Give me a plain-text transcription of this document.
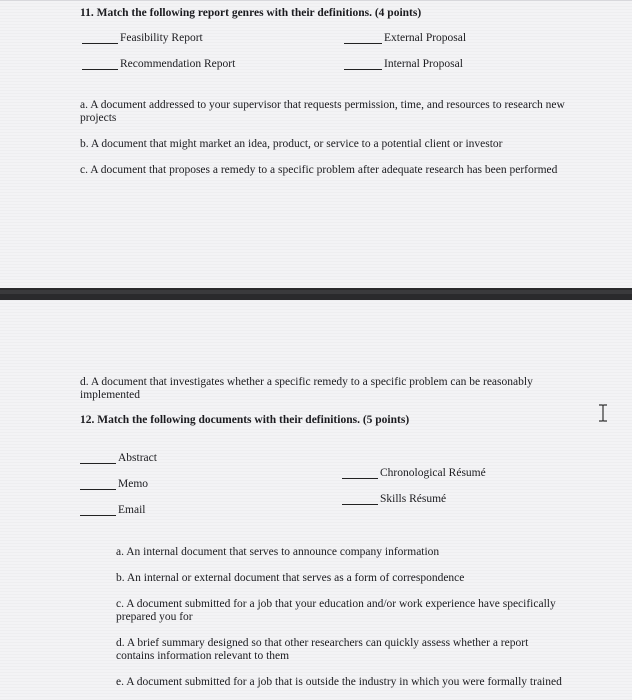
11. Match the following report genres with their definitions. (4 points)
Feasibility Report
Recommendation Report
External Proposal
Internal Proposal
a. A document addressed to your supervisor that requests permission, time, and resources to research new projects
b. A document that might market an idea, product, or service to a potential client or investor
c. A document that proposes a remedy to a specific problem after adequate research has been performed
d. A document that investigates whether a specific remedy to a specific problem can be reasonably implemented
12. Match the following documents with their definitions. (5 points)
Abstract
Memo
Email
Chronological Résumé
Skills Résumé
a. An internal document that serves to announce company information
b. An internal or external document that serves as a form of correspondence
c. A document submitted for a job that your education and/or work experience have specifically prepared you for
d. A brief summary designed so that other researchers can quickly assess whether a report contains information relevant to them
e. A document submitted for a job that is outside the industry in which you were formally trained
